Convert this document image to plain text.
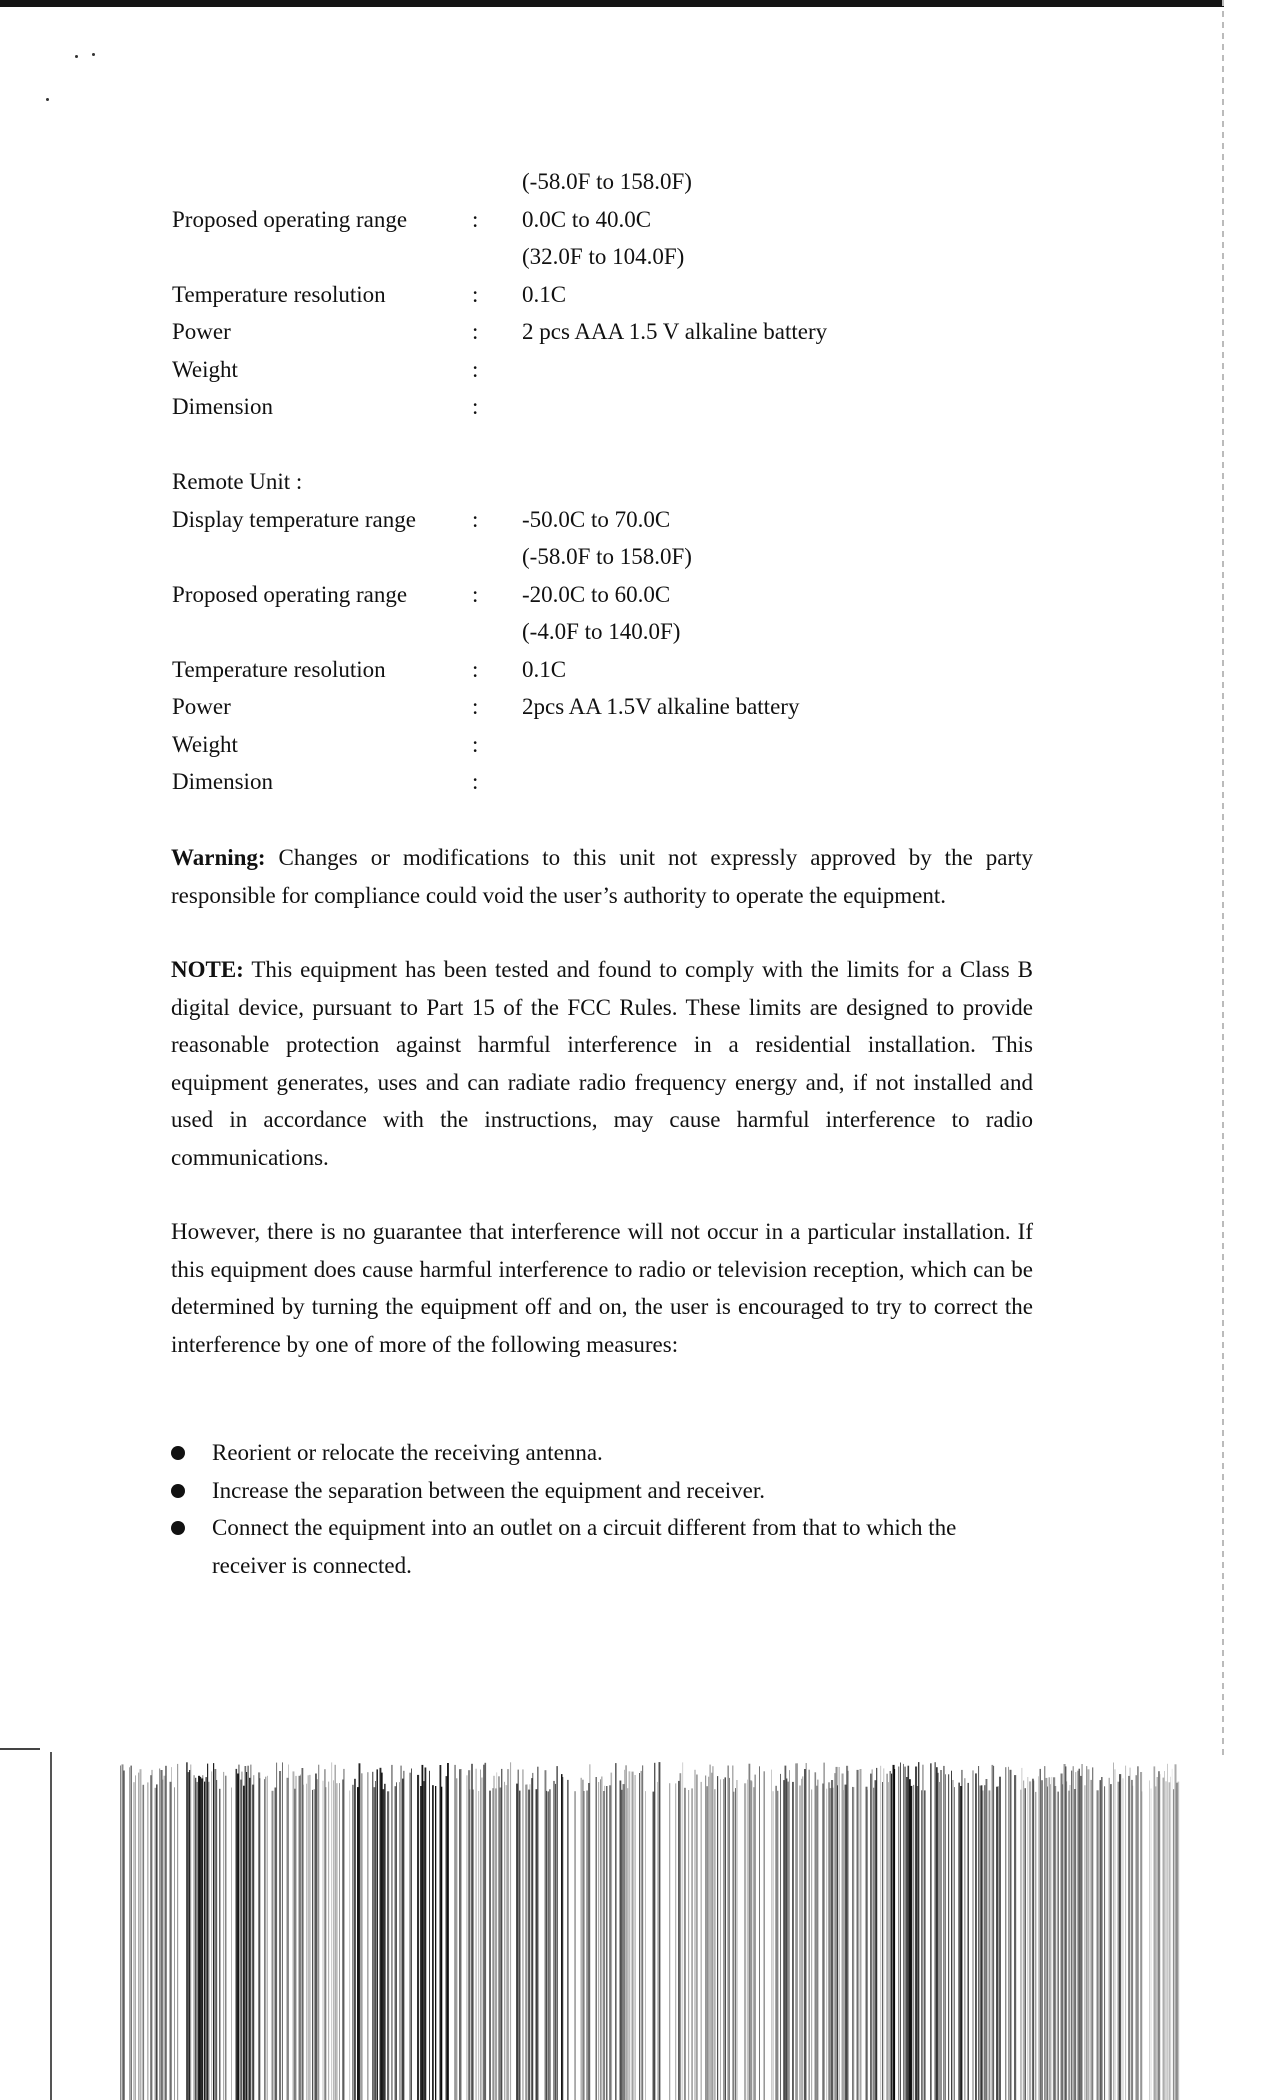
(-58.0F to 158.0F)
Proposed operating range	: 0.0C to 40.0C
(32.0F to 104.0F)
Temperature resolution	: 0.1C
Power	: 2 pcs AAA 1.5 V alkaline battery
Weight	:
Dimension	:
Remote Unit :
Display temperature range : -50.0C to 70.0C
(-58.0F to 158.0F)
Proposed operating range	: -20.0C to 60.0C
(-4.0F to 140.0F)
Temperature resolution	: 0.1C
Power	: 2pcs AA 1.5V alkaline battery
Weight	:
Dimension	:
Warning: Changes or modifications to this unit not expressly approved by the party responsible for compliance could void the user’s authority to operate the equipment.
NOTE: This equipment has been tested and found to comply with the limits for a Class B digital device, pursuant to Part 15 of the FCC Rules. These limits are designed to provide reasonable protection against harmful interference in a residential installation. This equipment generates, uses and can radiate radio frequency energy and, if not installed and used in accordance with the instructions, may cause harmful interference to radio communications.
However, there is no guarantee that interference will not occur in a particular installation. If this equipment does cause harmful interference to radio or television reception, which can be determined by turning the equipment off and on, the user is encouraged to try to correct the interference by one of more of the following measures:
Reorient or relocate the receiving antenna.
Increase the separation between the equipment and receiver.
Connect the equipment into an outlet on a circuit different from that to which the receiver is connected.
